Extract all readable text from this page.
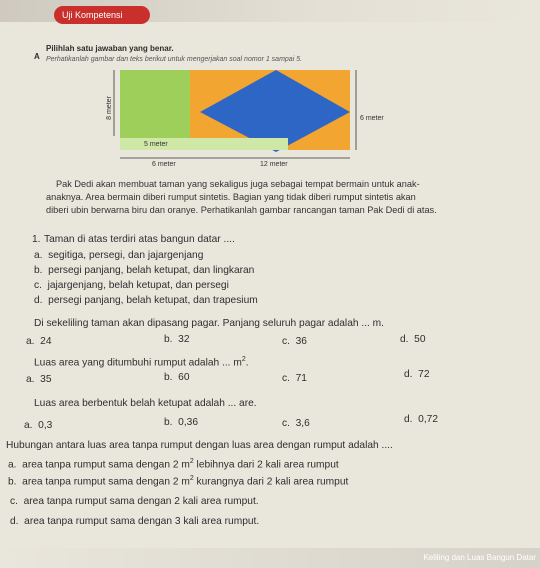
Uji Kompetensi
A
Pilihlah satu jawaban yang benar.
Perhatikanlah gambar dan teks berikut untuk mengerjakan soal nomor 1 sampai 5.
8 meter
5 meter
6 meter	12 meter
6 meter
Pak Dedi akan membuat taman yang sekaligus juga sebagai tempat bermain untuk anak-
anaknya. Area bermain diberi rumput sintetis. Bagian yang tidak diberi rumput sintetis akan
diberi ubin berwarna biru dan oranye. Perhatikanlah gambar rancangan taman Pak Dedi di atas.
1. Taman di atas terdiri atas bangun datar ....
a.  segitiga, persegi, dan jajargenjang
b.  persegi panjang, belah ketupat, dan lingkaran
c.  jajargenjang, belah ketupat, dan persegi
d.  persegi panjang, belah ketupat, dan trapesium
Di sekeliling taman akan dipasang pagar. Panjang seluruh pagar adalah ... m.
a.  24	b.  32	c.  36	d.  50
Luas area yang ditumbuhi rumput adalah ... $m^2$.
a.  35	b.  60	c.  71	d.  72
Luas area berbentuk belah ketupat adalah ... are.
a.  0,3	b.  0,36	c.  3,6	d.  0,72
Hubungan antara luas area tanpa rumput dengan luas area dengan rumput adalah ....
a.  area tanpa rumput sama dengan 2 $m^2$ lebihnya dari 2 kali area rumput
b.  area tanpa rumput sama dengan 2 $m^2$ kurangnya dari 2 kali area rumput
c.  area tanpa rumput sama dengan 2 kali area rumput.
d.  area tanpa rumput sama dengan 3 kali area rumput.
Keliling dan Luas Bangun Datar
